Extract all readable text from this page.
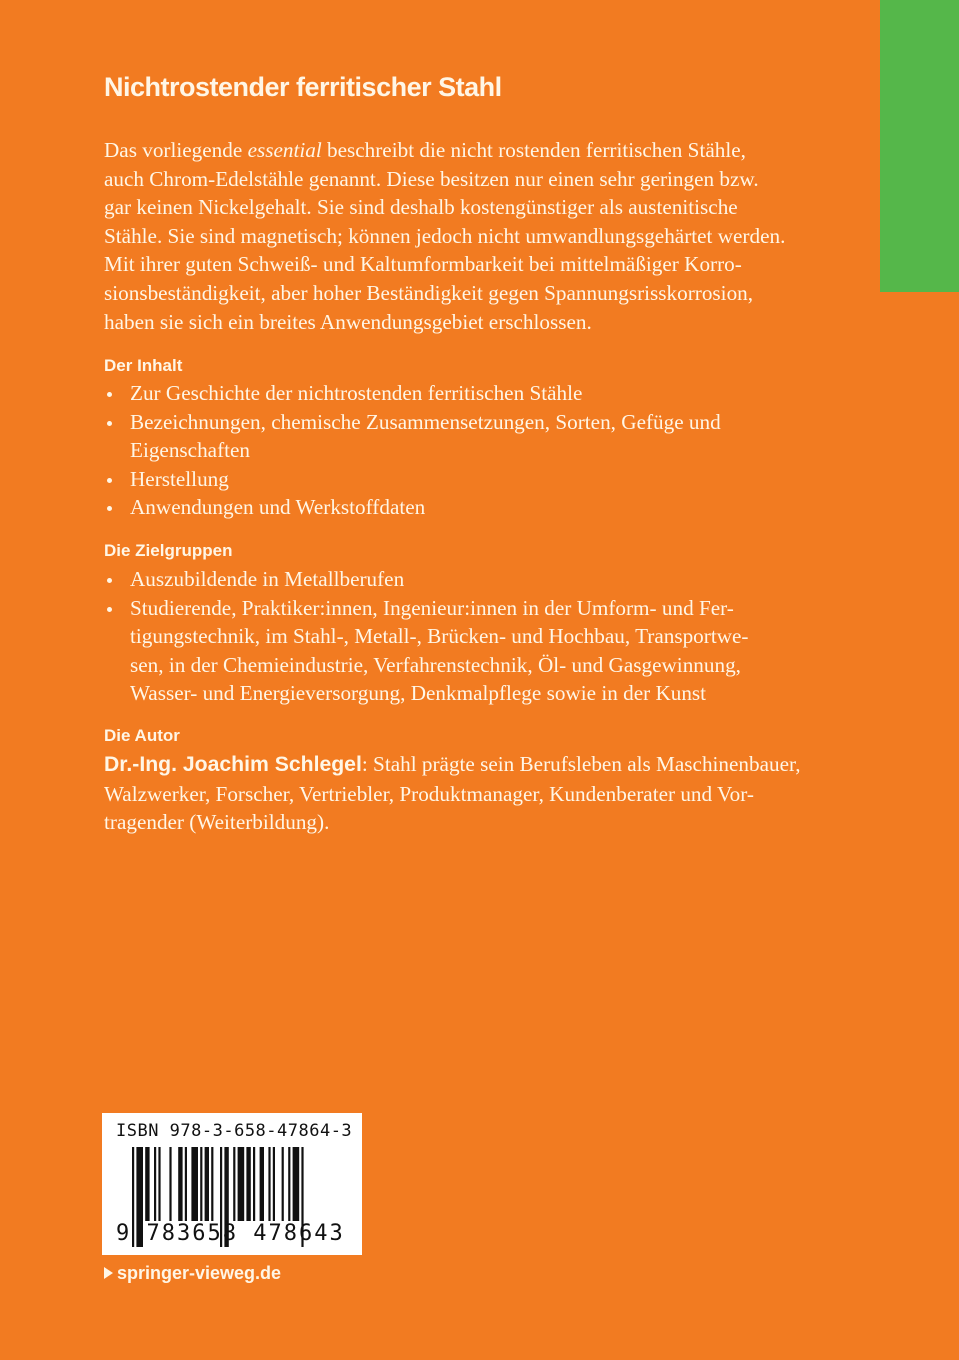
Nichtrostender ferritischer Stahl
Das vorliegende essential beschreibt die nicht rostenden ferritischen Stähle,
auch Chrom-Edelstähle genannt. Diese besitzen nur einen sehr geringen bzw.
gar keinen Nickelgehalt. Sie sind deshalb kostengünstiger als austenitische
Stähle. Sie sind magnetisch; können jedoch nicht umwandlungsgehärtet werden.
Mit ihrer guten Schweiß- und Kaltumformbarkeit bei mittelmäßiger Korro-
sionsbeständigkeit, aber hoher Beständigkeit gegen Spannungsrisskorrosion,
haben sie sich ein breites Anwendungsgebiet erschlossen.
Der Inhalt
Zur Geschichte der nichtrostenden ferritischen Stähle
Bezeichnungen, chemische Zusammensetzungen, Sorten, Gefüge und
Eigenschaften
Herstellung
Anwendungen und Werkstoffdaten
Die Zielgruppen
Auszubildende in Metallberufen
Studierende, Praktiker:innen, Ingenieur:innen in der Umform- und Fer-
tigungstechnik, im Stahl-, Metall-, Brücken- und Hochbau, Transportwe-
sen, in der Chemieindustrie, Verfahrenstechnik, Öl- und Gasgewinnung,
Wasser- und Energieversorgung, Denkmalpflege sowie in der Kunst
Die Autor
Dr.-Ing. Joachim Schlegel: Stahl prägte sein Berufsleben als Maschinenbauer,
Walzwerker, Forscher, Vertriebler, Produktmanager, Kundenberater und Vor-
tragender (Weiterbildung).
ISBN 978-3-658-47864-3
9 783658 478643
springer-vieweg.de
